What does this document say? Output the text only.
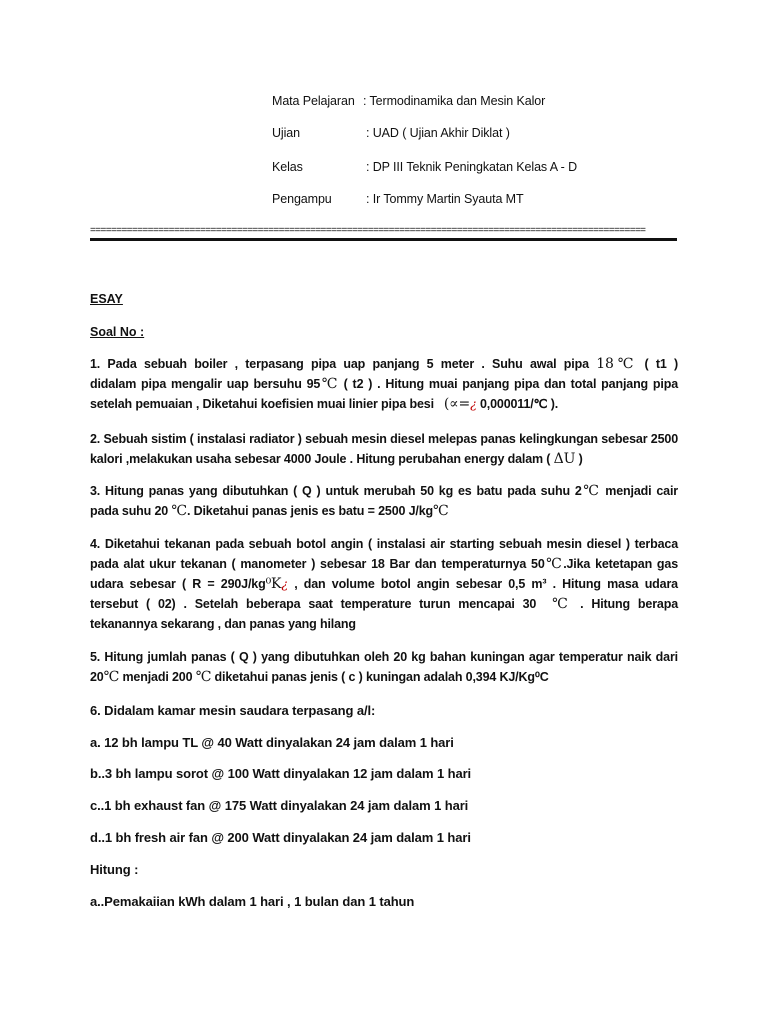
Mata Pelajaran : Termodinamika dan Mesin Kalor
Ujian	: UAD ( Ujian Akhir Diklat )
Kelas	: DP III Teknik Peningkatan Kelas A - D
Pengampu	: Ir Tommy Martin Syauta MT
==========================================================================================================
ESAY
Soal No :
1. Pada sebuah boiler , terpasang pipa uap panjang 5 meter . Suhu awal pipa 18℃ ( t1 )
didalam pipa mengalir uap bersuhu 95℃ ( t2 ) . Hitung muai panjang pipa dan total panjang pipa
setelah pemuaian , Diketahui koefisien muai linier pipa besi (∝=¿ 0,000011/℃ ).
2. Sebuah sistim ( instalasi radiator ) sebuah mesin diesel melepas panas kelingkungan sebesar 2500
kalori ,melakukan usaha sebesar 4000 Joule . Hitung perubahan energy dalam ( ΔU )
3. Hitung panas yang dibutuhkan ( Q ) untuk merubah 50 kg es batu pada suhu 2℃ menjadi cair
pada suhu 20 ℃. Diketahui panas jenis es batu = 2500 J/kg℃
4. Diketahui tekanan pada sebuah botol angin ( instalasi air starting sebuah mesin diesel ) terbaca
pada alat ukur tekanan ( manometer ) sebesar 18 Bar dan temperaturnya 50℃.Jika ketetapan gas
udara sebesar ( R = 290J/kg⁰K¿ , dan volume botol angin sebesar 0,5 m³ . Hitung masa udara
tersebut ( 02) . Setelah beberapa saat temperature turun mencapai 30 ℃ . Hitung berapa
tekanannya sekarang , dan panas yang hilang
5. Hitung jumlah panas ( Q ) yang dibutuhkan oleh 20 kg bahan kuningan agar temperatur naik dari
20℃ menjadi 200 ℃ diketahui panas jenis ( c ) kuningan adalah 0,394 KJ/Kg⁰C
6. Didalam kamar mesin saudara terpasang a/l:
a. 12 bh lampu TL @ 40 Watt dinyalakan 24 jam dalam 1 hari
b..3 bh lampu sorot @ 100 Watt dinyalakan 12 jam dalam 1 hari
c..1 bh exhaust fan @ 175 Watt dinyalakan 24 jam dalam 1 hari
d..1 bh fresh air fan @ 200 Watt dinyalakan 24 jam dalam 1 hari
Hitung :
a..Pemakaiian kWh dalam 1 hari , 1 bulan dan 1 tahun
